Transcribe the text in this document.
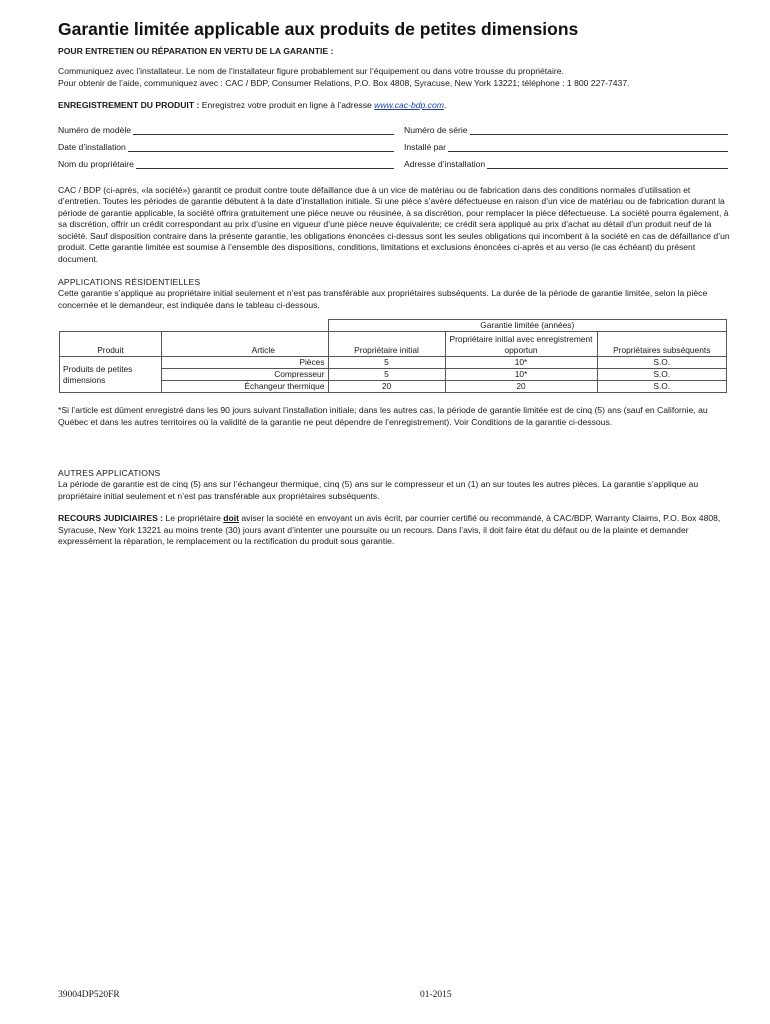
Garantie limitée applicable aux produits de petites dimensions
POUR ENTRETIEN OU RÉPARATION EN VERTU DE LA GARANTIE :

Communiquez avec l’installateur. Le nom de l’installateur figure probablement sur l’équipement ou dans votre trousse du propriétaire.

Pour obtenir de l’aide, communiquez avec : CAC / BDP, Consumer Relations, P.O. Box 4808, Syracuse, New York 13221; téléphone : 1 800 227-7437.

ENREGISTREMENT DU PRODUIT : Enregistrez votre produit en ligne à l’adresse www.cac-bdp.com.

Numéro de modèle	Numéro de série
Date d’installation	Installé par
Nom du propriétaire	Adresse d’installation

CAC / BDP (ci-après, «la société») garantit ce produit contre toute défaillance due à un vice de matériau ou de fabrication dans des conditions normales d’utilisation et d’entretien. Toutes les périodes de garantie débutent à la date d’installation initiale. Si une pièce s’avère défectueuse en raison d’un vice de matériau ou de fabrication durant la période de garantie applicable, la société offrira gratuitement une pièce neuve ou réusinée, à sa discrétion, pour remplacer la pièce défectueuse. La société pourra également, à sa discrétion, offrir un crédit correspondant au prix d’usine en vigueur d’une pièce neuve équivalente; ce crédit sera appliqué au prix d’achat au détail d’un produit neuf de la société. Sauf disposition contraire dans la présente garantie, les obligations énoncées ci-dessus sont les seules obligations qui incombent à la société en cas de défaillance d’un produit. Cette garantie limitée est soumise à l’ensemble des dispositions, conditions, limitations et exclusions énoncées ci-après et au verso (le cas échéant) du présent document.

APPLICATIONS RÉSIDENTIELLES

Cette garantie s’applique au propriétaire initial seulement et n’est pas transférable aux propriétaires subséquents. La durée de la période de garantie limitée, selon la pièce concernée et le demandeur, est indiquée dans le tableau ci-dessous.

		Garantie limitée (années)		
Produit	Article	Propriétaire initial	Propriétaire initial avec enregistrement opportun	Propriétaires subséquents
Produits de petites dimensions	Pièces	5	10*	S.O.
	Compresseur	5	10*	S.O.
	Échangeur thermique	20	20	S.O.

*Si l’article est dûment enregistré dans les 90 jours suivant l’installation initiale; dans les autres cas, la période de garantie limitée est de cinq (5) ans (sauf en Californie, au Québec et dans les autres territoires où la validité de la garantie ne peut dépendre de l’enregistrement). Voir Conditions de la garantie ci-dessous.

AUTRES APPLICATIONS

La période de garantie est de cinq (5) ans sur l’échangeur thermique, cinq (5) ans sur le compresseur et un (1) an sur toutes les autres pièces. La garantie s’applique au propriétaire initial seulement et n’est pas transférable aux propriétaires subséquents.

RECOURS JUDICIAIRES : Le propriétaire doit aviser la société en envoyant un avis écrit, par courrier certifié ou recommandé, à CAC/BDP, Warranty Claims, P.O. Box 4808, Syracuse, New York 13221 au moins trente (30) jours avant d’intenter une poursuite ou un recours. Dans l’avis, il doit faire état du défaut ou de la plainte et demander expressément la réparation, le remplacement ou la rectification du produit sous garantie.

39004DP520FR	01-2015
